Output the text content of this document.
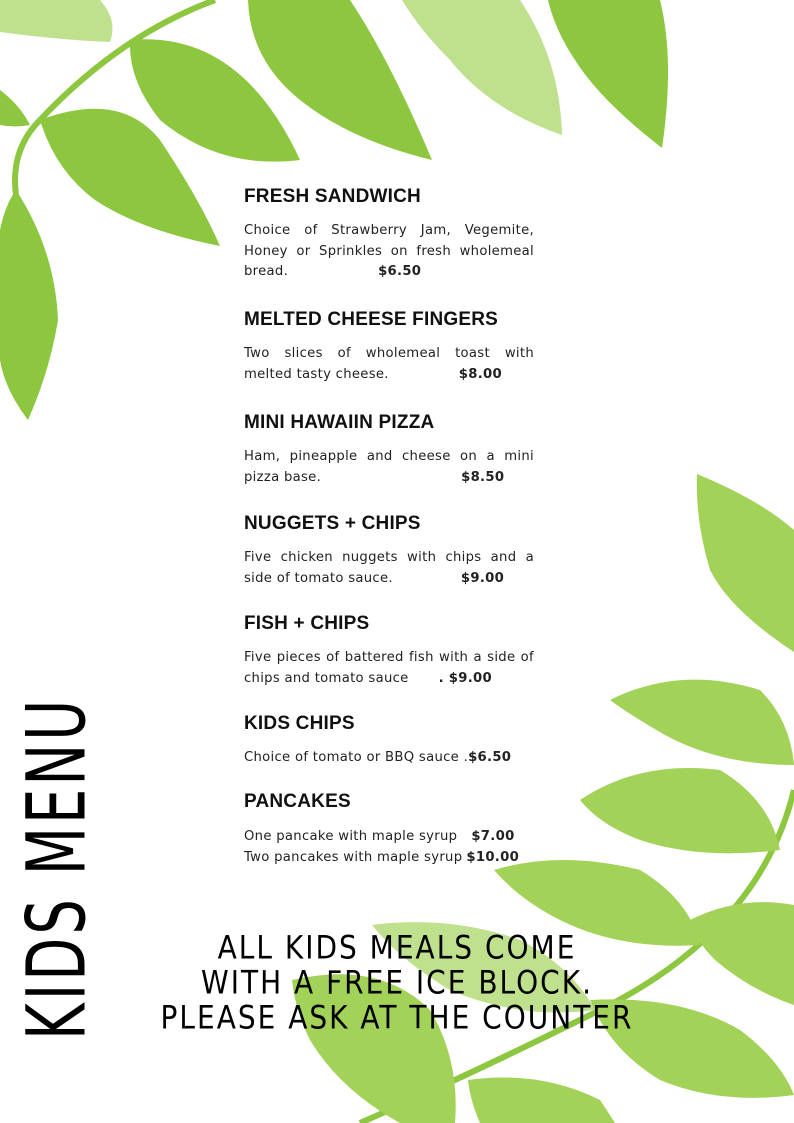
KIDS MENU

FRESH SANDWICH

Choice of Strawberry Jam, Vegemite, Honey or Sprinkles on fresh wholemeal bread.	$6.50

MELTED CHEESE FINGERS

Two slices of wholemeal toast with melted tasty cheese.	$8.00

MINI HAWAIIN PIZZA

Ham, pineapple and cheese on a mini pizza base.	$8.50

NUGGETS + CHIPS

Five chicken nuggets with chips and a side of tomato sauce.	$9.00

FISH + CHIPS

Five pieces of battered fish with a side of chips and tomato sauce . $9.00

KIDS CHIPS

Choice of tomato or BBQ sauce .$6.50

PANCAKES

One pancake with maple syrup $7.00
Two pancakes with maple syrup $10.00
ALL KIDS MEALS COME
WITH A FREE ICE BLOCK.
PLEASE ASK AT THE COUNTER
